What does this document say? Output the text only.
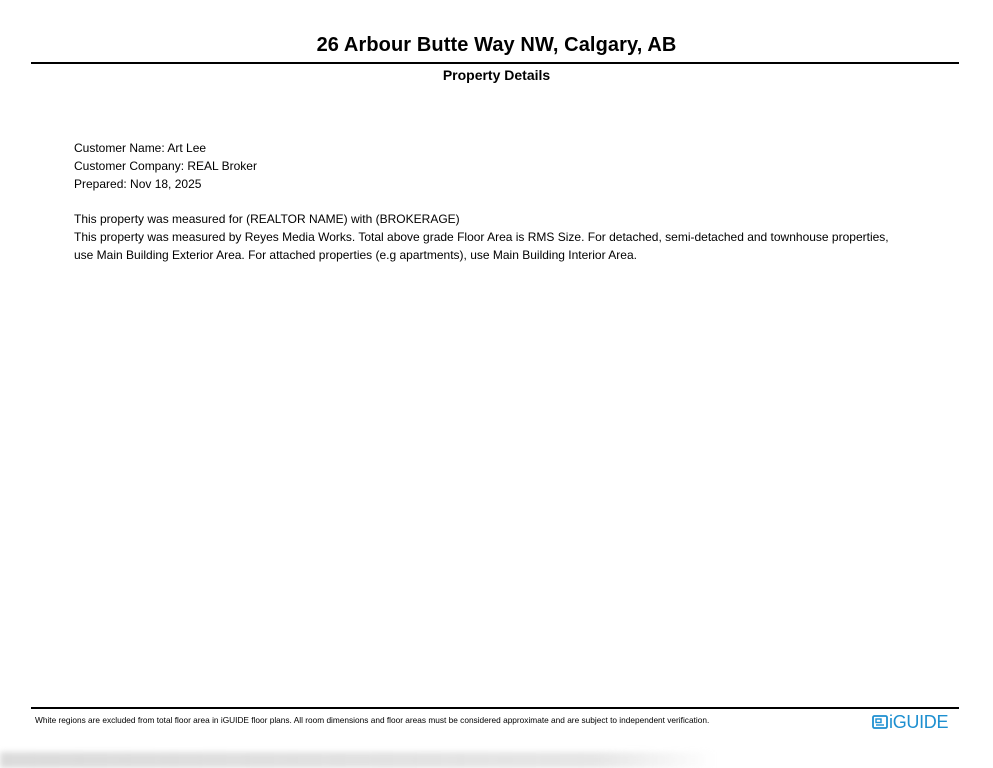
26 Arbour Butte Way NW, Calgary, AB
Property Details
Customer Name: Art Lee
Customer Company: REAL Broker
Prepared: Nov 18, 2025

This property was measured for (REALTOR NAME) with (BROKERAGE)

This property was measured by Reyes Media Works. Total above grade Floor Area is RMS Size. For detached, semi-detached and townhouse properties, use Main Building Exterior Area. For attached properties (e.g apartments), use Main Building Interior Area.

White regions are excluded from total floor area in iGUIDE floor plans. All room dimensions and floor areas must be considered approximate and are subject to independent verification.	iGUIDE
